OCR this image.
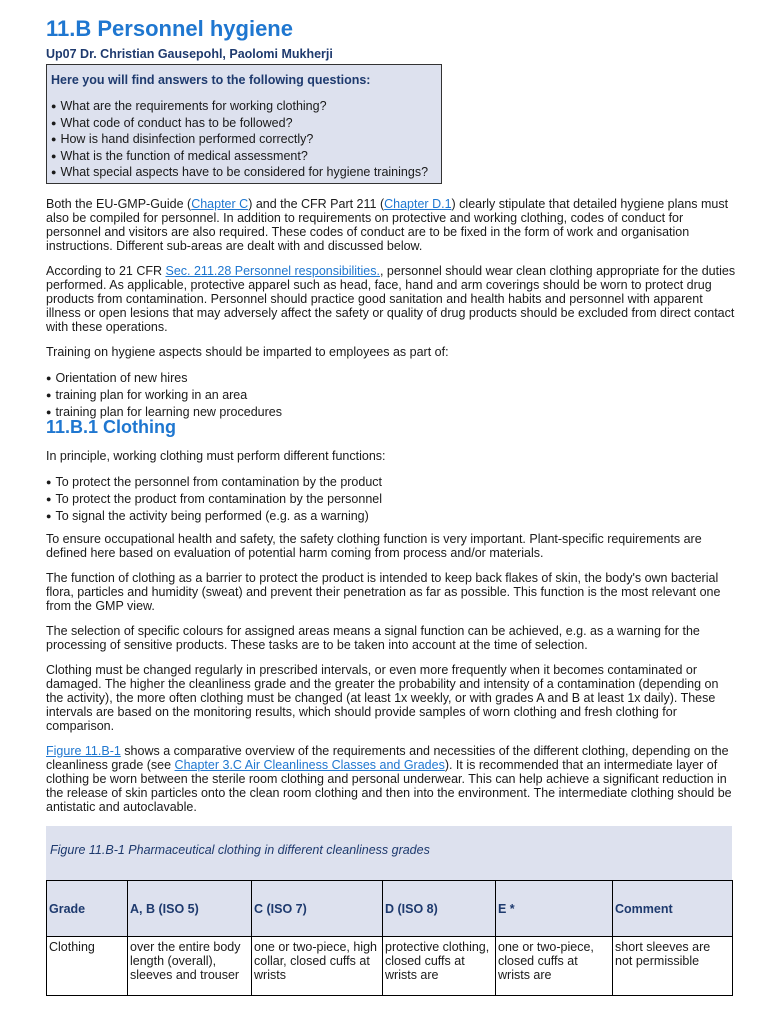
11.B Personnel hygiene
Up07 Dr. Christian Gausepohl, Paolomi Mukherji
Here you will find answers to the following questions:
● What are the requirements for working clothing?
● What code of conduct has to be followed?
● How is hand disinfection performed correctly?
● What is the function of medical assessment?
● What special aspects have to be considered for hygiene trainings?

Both the EU-GMP-Guide (Chapter C) and the CFR Part 211 (Chapter D.1) clearly stipulate that detailed hygiene plans must also be compiled for personnel. In addition to requirements on protective and working clothing, codes of conduct for personnel and visitors are also required. These codes of conduct are to be fixed in the form of work and organisation instructions. Different sub-areas are dealt with and discussed below.

According to 21 CFR Sec. 211.28 Personnel responsibilities., personnel should wear clean clothing appropriate for the duties performed. As applicable, protective apparel such as head, face, hand and arm coverings should be worn to protect drug products from contamination. Personnel should practice good sanitation and health habits and personnel with apparent illness or open lesions that may adversely affect the safety or quality of drug products should be excluded from direct contact with these operations.

Training on hygiene aspects should be imparted to employees as part of:

● Orientation of new hires
● training plan for working in an area
● training plan for learning new procedures
11.B.1 Clothing

In principle, working clothing must perform different functions:

● To protect the personnel from contamination by the product
● To protect the product from contamination by the personnel
● To signal the activity being performed (e.g. as a warning)

To ensure occupational health and safety, the safety clothing function is very important. Plant-specific requirements are defined here based on evaluation of potential harm coming from process and/or materials.

The function of clothing as a barrier to protect the product is intended to keep back flakes of skin, the body's own bacterial flora, particles and humidity (sweat) and prevent their penetration as far as possible. This function is the most relevant one from the GMP view.

The selection of specific colours for assigned areas means a signal function can be achieved, e.g. as a warning for the processing of sensitive products. These tasks are to be taken into account at the time of selection.

Clothing must be changed regularly in prescribed intervals, or even more frequently when it becomes contaminated or damaged. The higher the cleanliness grade and the greater the probability and intensity of a contamination (depending on the activity), the more often clothing must be changed (at least 1x weekly, or with grades A and B at least 1x daily). These intervals are based on the monitoring results, which should provide samples of worn clothing and fresh clothing for comparison.

Figure 11.B-1 shows a comparative overview of the requirements and necessities of the different clothing, depending on the cleanliness grade (see Chapter 3.C Air Cleanliness Classes and Grades). It is recommended that an intermediate layer of clothing be worn between the sterile room clothing and personal underwear. This can help achieve a significant reduction in the release of skin particles onto the clean room clothing and then into the environment. The intermediate clothing should be antistatic and autoclavable.

Figure 11.B-1 Pharmaceutical clothing in different cleanliness grades
Grade	A, B (ISO 5)	C (ISO 7)	D (ISO 8)	E *	Comment
Clothing	over the entire body length (overall), sleeves and trouser	one or two-piece, high collar, closed cuffs at wrists	protective clothing, closed cuffs at wrists are	one or two-piece, closed cuffs at wrists are	short sleeves are not permissible
